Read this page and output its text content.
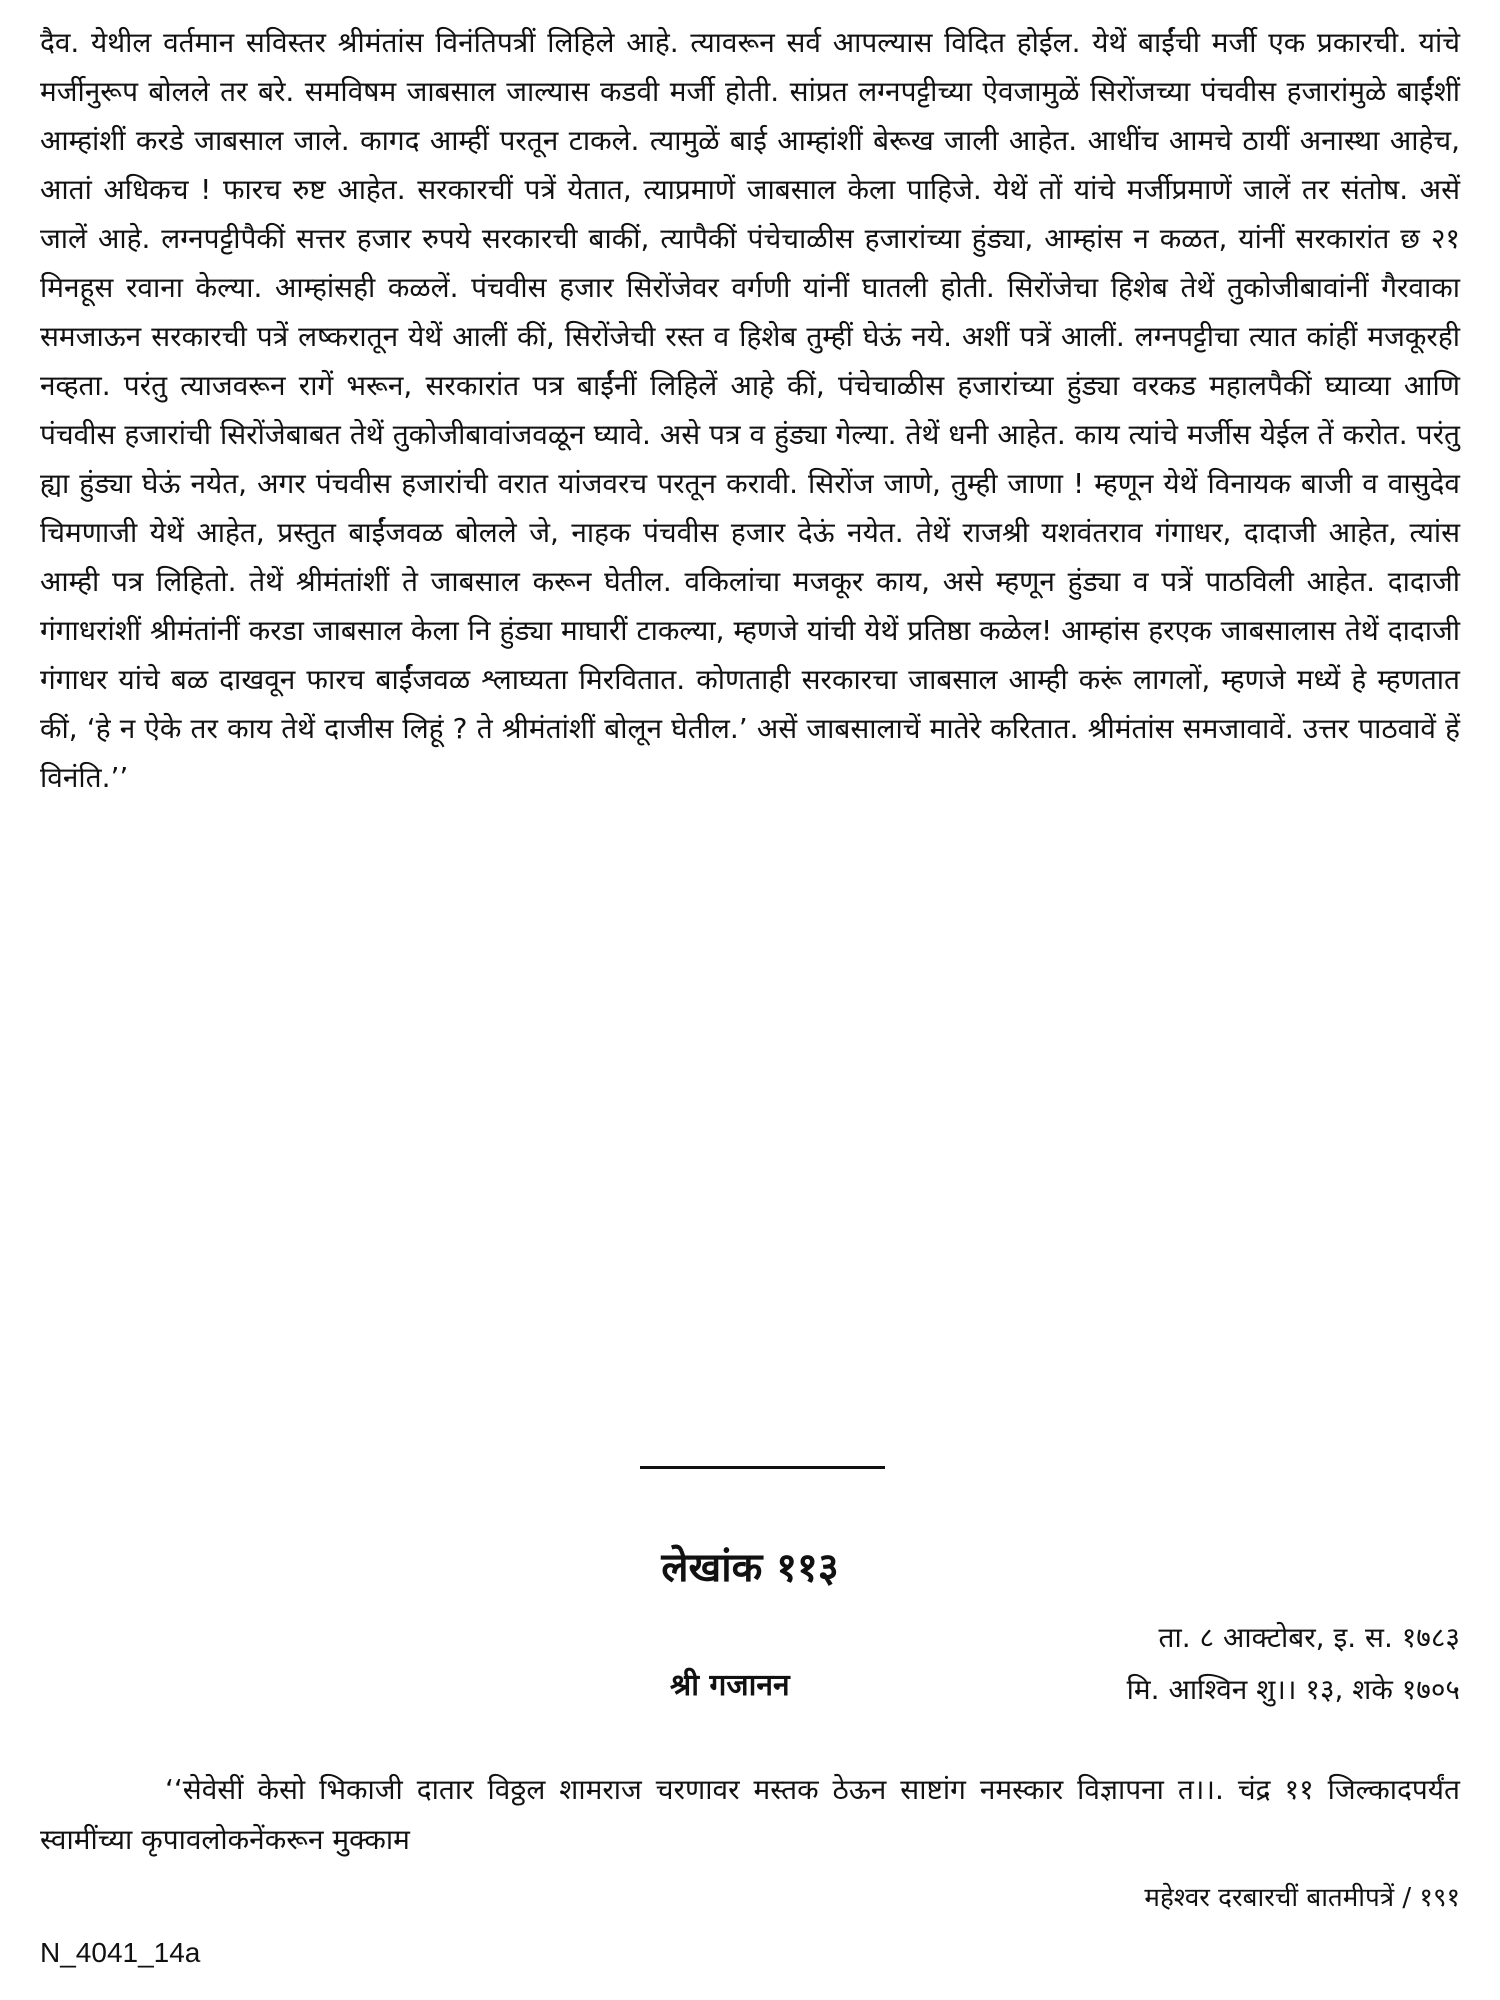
दैव. येथील वर्तमान सविस्तर श्रीमंतांस विनंतिपत्रीं लिहिले आहे. त्यावरून सर्व आपल्यास विदित होईल. येथें बाईंची मर्जी एक प्रकारची. यांचे मर्जीनुरूप बोलले तर बरे. समविषम जाबसाल जाल्यास कडवी मर्जी होती. सांप्रत लग्नपट्टीच्या ऐवजामुळें सिरोंजच्या पंचवीस हजारांमुळे बाईंशीं आम्हांशीं करडे जाबसाल जाले. कागद आम्हीं परतून टाकले. त्यामुळें बाई आम्हांशीं बेरूख जाली आहेत. आधींच आमचे ठायीं अनास्था आहेच, आतां अधिकच ! फारच रुष्ट आहेत. सरकारचीं पत्रें येतात, त्याप्रमाणें जाबसाल केला पाहिजे. येथें तों यांचे मर्जीप्रमाणें जालें तर संतोष. असें जालें आहे. लग्नपट्टीपैकीं सत्तर हजार रुपये सरकारची बाकीं, त्यापैकीं पंचेचाळीस हजारांच्या हुंड्या, आम्हांस न कळत, यांनीं सरकारांत छ २१ मिनहूस रवाना केल्या. आम्हांसही कळलें. पंचवीस हजार सिरोंजेवर वर्गणी यांनीं घातली होती. सिरोंजेचा हिशेब तेथें तुकोजीबावांनीं गैरवाका समजाऊन सरकारची पत्रें लष्करातून येथें आलीं कीं, सिरोंजेची रस्त व हिशेब तुम्हीं घेऊं नये. अशीं पत्रें आलीं. लग्नपट्टीचा त्यात कांहीं मजकूरही नव्हता. परंतु त्याजवरून रागें भरून, सरकारांत पत्र बाईंनीं लिहिलें आहे कीं, पंचेचाळीस हजारांच्या हुंड्या वरकड महालपैकीं घ्याव्या आणि पंचवीस हजारांची सिरोंजेबाबत तेथें तुकोजीबावांजवळून घ्यावे. असे पत्र व हुंड्या गेल्या. तेथें धनी आहेत. काय त्यांचे मर्जीस येईल तें करोत. परंतु ह्या हुंड्या घेऊं नयेत, अगर पंचवीस हजारांची वरात यांजवरच परतून करावी. सिरोंज जाणे, तुम्ही जाणा ! म्हणून येथें विनायक बाजी व वासुदेव चिमणाजी येथें आहेत, प्रस्तुत बाईंजवळ बोलले जे, नाहक पंचवीस हजार देऊं नयेत. तेथें राजश्री यशवंतराव गंगाधर, दादाजी आहेत, त्यांस आम्ही पत्र लिहितो. तेथें श्रीमंतांशीं ते जाबसाल करून घेतील. वकिलांचा मजकूर काय, असे म्हणून हुंड्या व पत्रें पाठविली आहेत. दादाजी गंगाधरांशीं श्रीमंतांनीं करडा जाबसाल केला नि हुंड्या माघारीं टाकल्या, म्हणजे यांची येथें प्रतिष्ठा कळेल! आम्हांस हरएक जाबसालास तेथें दादाजी गंगाधर यांचे बळ दाखवून फारच बाईंजवळ श्लाघ्यता मिरवितात. कोणताही सरकारचा जाबसाल आम्ही करूं लागलों, म्हणजे मध्यें हे म्हणतात कीं, ‘हे न ऐके तर काय तेथें दाजीस लिहूं ? ते श्रीमंतांशीं बोलून घेतील.’ असें जाबसालाचें मातेरे करितात. श्रीमंतांस समजावावें. उत्तर पाठवावें हें विनंति.’’

लेखांक ११३
श्री गजानन
ता. ८ आक्टोबर, इ. स. १७८३
मि. आश्विन शु।। १३, शके १७०५

‘‘सेवेसीं केसो भिकाजी दातार विठ्ठल शामराज चरणावर मस्तक ठेऊन साष्टांग नमस्कार विज्ञापना त।।. चंद्र ११ जिल्कादपर्यंत स्वामींच्या कृपावलोकनेंकरून मुक्काम

महेश्वर दरबारचीं बातमीपत्रें / १९१
N_4041_14a
